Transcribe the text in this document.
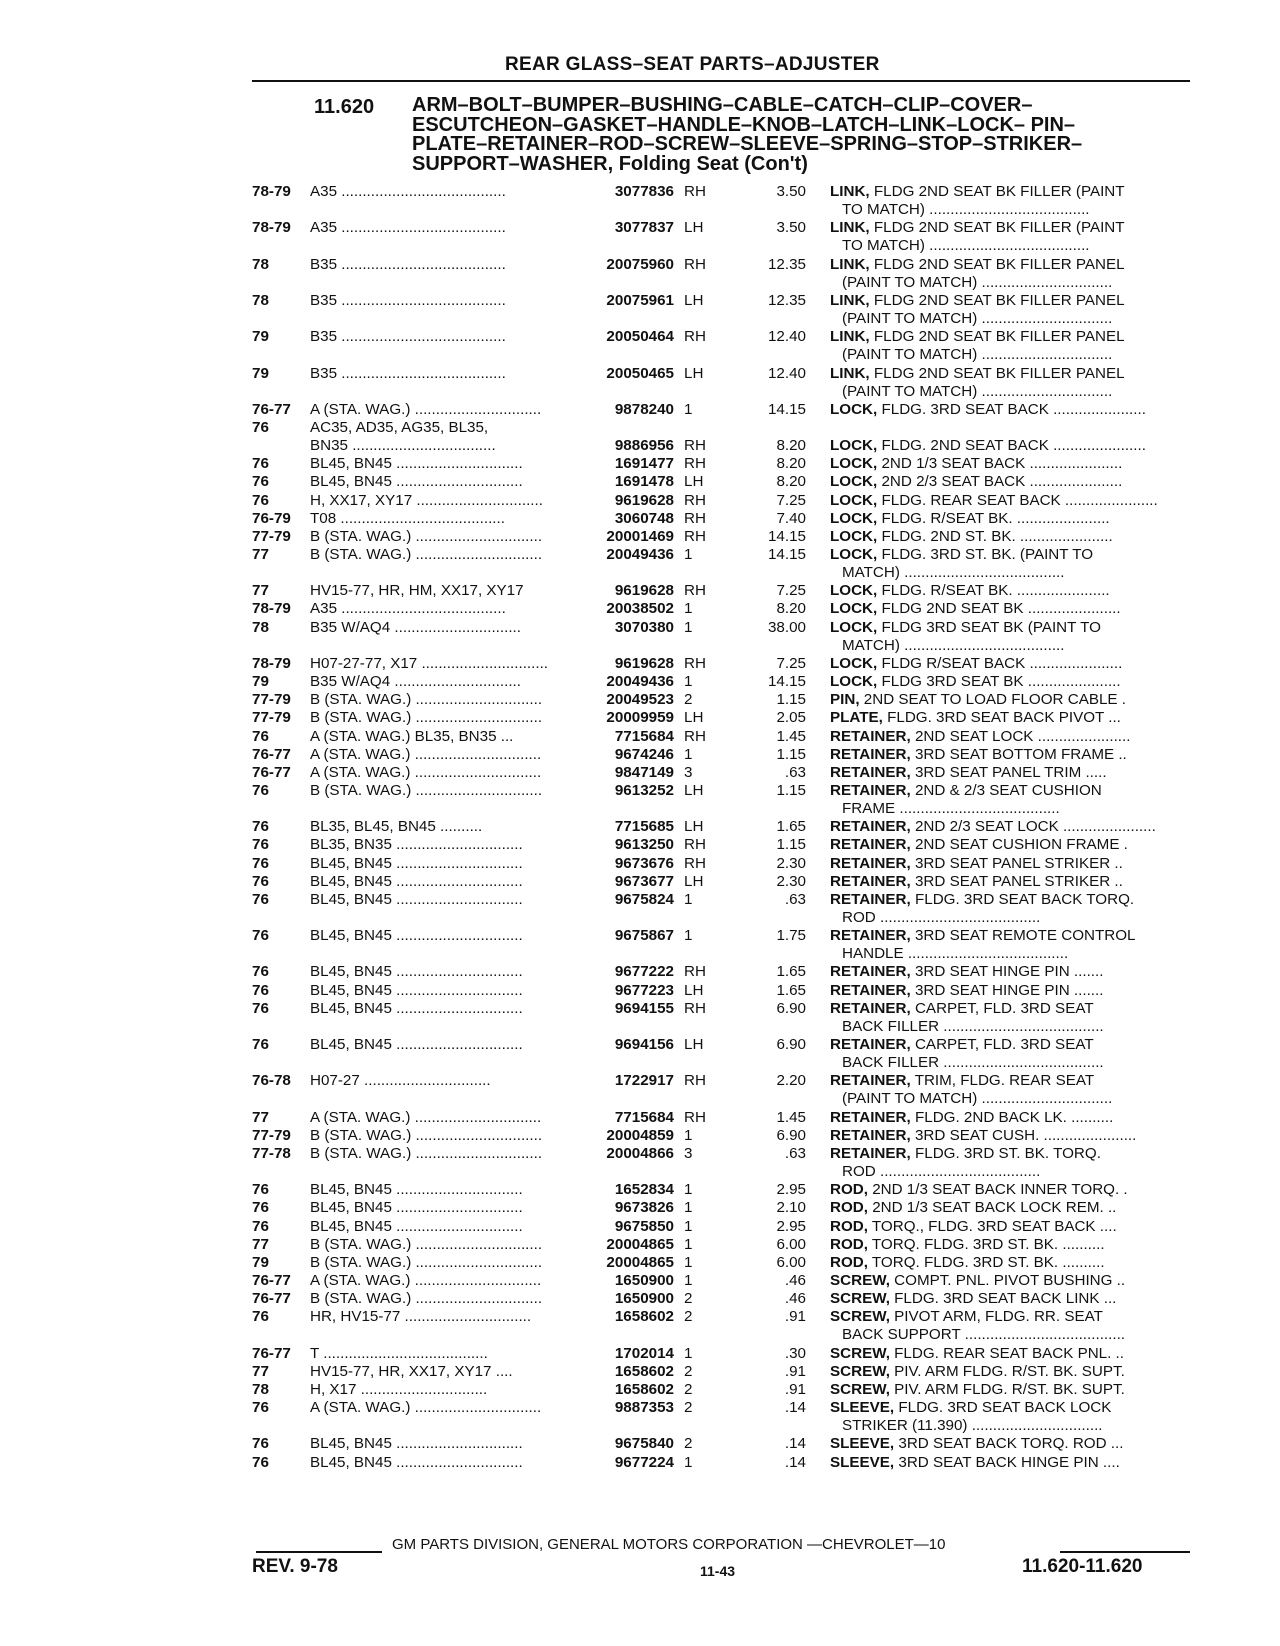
REAR GLASS–SEAT PARTS–ADJUSTER
11.620 ARM–BOLT–BUMPER–BUSHING–CABLE–CATCH–CLIP–COVER–
ESCUTCHEON–GASKET–HANDLE–KNOB–LATCH–LINK–LOCK– PIN–
PLATE–RETAINER–ROD–SCREW–SLEEVE–SPRING–STOP–STRIKER–
SUPPORT–WASHER, Folding Seat (Con't)
78-79 A35 .......................................	3077836 RH	3.50 LINK, FLDG 2ND SEAT BK FILLER (PAINT
TO MATCH) ......................................
78-79 A35 .......................................	3077837 LH	3.50 LINK, FLDG 2ND SEAT BK FILLER (PAINT
TO MATCH) ......................................
78	B35 .......................................	20075960 RH	12.35 LINK, FLDG 2ND SEAT BK FILLER PANEL
(PAINT TO MATCH) ...............................
78	B35 .......................................	20075961 LH	12.35 LINK, FLDG 2ND SEAT BK FILLER PANEL
(PAINT TO MATCH) ...............................
79	B35 .......................................	20050464 RH	12.40 LINK, FLDG 2ND SEAT BK FILLER PANEL
(PAINT TO MATCH) ...............................
79	B35 .......................................	20050465 LH	12.40 LINK, FLDG 2ND SEAT BK FILLER PANEL
(PAINT TO MATCH) ...............................
76-77 A (STA. WAG.) ..............................	9878240 1	14.15 LOCK, FLDG. 3RD SEAT BACK ......................
76	AC35, AD35, AG35, BL35,
BN35 ..................................	9886956 RH	8.20 LOCK, FLDG. 2ND SEAT BACK ......................
76	BL45, BN45 ..............................	1691477 RH	8.20 LOCK, 2ND 1/3 SEAT BACK ......................
76	BL45, BN45 ..............................	1691478 LH	8.20 LOCK, 2ND 2/3 SEAT BACK ......................
76	H, XX17, XY17 ..............................	9619628 RH	7.25 LOCK, FLDG. REAR SEAT BACK ......................
76-79 T08 .......................................	3060748 RH	7.40 LOCK, FLDG. R/SEAT BK. ......................
77-79 B (STA. WAG.) ..............................	20001469 RH	14.15 LOCK, FLDG. 2ND ST. BK. ......................
77	B (STA. WAG.) ..............................	20049436 1	14.15 LOCK, FLDG. 3RD ST. BK. (PAINT TO
MATCH) ......................................
77	HV15-77, HR, HM, XX17, XY17	9619628 RH	7.25 LOCK, FLDG. R/SEAT BK. ......................
78-79 A35 .......................................	20038502 1	8.20 LOCK, FLDG 2ND SEAT BK ......................
78	B35 W/AQ4 ..............................	3070380 1	38.00 LOCK, FLDG 3RD SEAT BK (PAINT TO
MATCH) ......................................
78-79 H07-27-77, X17 ..............................	9619628 RH	7.25 LOCK, FLDG R/SEAT BACK ......................
79	B35 W/AQ4 ..............................	20049436 1	14.15 LOCK, FLDG 3RD SEAT BK ......................
77-79 B (STA. WAG.) ..............................	20049523 2	1.15 PIN, 2ND SEAT TO LOAD FLOOR CABLE .
77-79 B (STA. WAG.) ..............................	20009959 LH	2.05 PLATE, FLDG. 3RD SEAT BACK PIVOT ...
76	A (STA. WAG.) BL35, BN35 ...	7715684 RH	1.45 RETAINER, 2ND SEAT LOCK ......................
76-77 A (STA. WAG.) ..............................	9674246 1	1.15 RETAINER, 3RD SEAT BOTTOM FRAME ..
76-77 A (STA. WAG.) ..............................	9847149 3	.63 RETAINER, 3RD SEAT PANEL TRIM .....
76	B (STA. WAG.) ..............................	9613252 LH	1.15 RETAINER, 2ND & 2/3 SEAT CUSHION
FRAME ......................................
76	BL35, BL45, BN45 ..........	7715685 LH	1.65 RETAINER, 2ND 2/3 SEAT LOCK ......................
76	BL35, BN35 ..............................	9613250 RH	1.15 RETAINER, 2ND SEAT CUSHION FRAME .
76	BL45, BN45 ..............................	9673676 RH	2.30 RETAINER, 3RD SEAT PANEL STRIKER ..
76	BL45, BN45 ..............................	9673677 LH	2.30 RETAINER, 3RD SEAT PANEL STRIKER ..
76	BL45, BN45 ..............................	9675824 1	.63 RETAINER, FLDG. 3RD SEAT BACK TORQ.
ROD ......................................
76	BL45, BN45 ..............................	9675867 1	1.75 RETAINER, 3RD SEAT REMOTE CONTROL
HANDLE ......................................
76	BL45, BN45 ..............................	9677222 RH	1.65 RETAINER, 3RD SEAT HINGE PIN .......
76	BL45, BN45 ..............................	9677223 LH	1.65 RETAINER, 3RD SEAT HINGE PIN .......
76	BL45, BN45 ..............................	9694155 RH	6.90 RETAINER, CARPET, FLD. 3RD SEAT
BACK FILLER ......................................
76	BL45, BN45 ..............................	9694156 LH	6.90 RETAINER, CARPET, FLD. 3RD SEAT
BACK FILLER ......................................
76-78 H07-27 ..............................	1722917 RH	2.20 RETAINER, TRIM, FLDG. REAR SEAT
(PAINT TO MATCH) ...............................
77	A (STA. WAG.) ..............................	7715684 RH	1.45 RETAINER, FLDG. 2ND BACK LK. ..........
77-79 B (STA. WAG.) ..............................	20004859 1	6.90 RETAINER, 3RD SEAT CUSH. ......................
77-78 B (STA. WAG.) ..............................	20004866 3	.63 RETAINER, FLDG. 3RD ST. BK. TORQ.
ROD ......................................
76	BL45, BN45 ..............................	1652834 1	2.95 ROD, 2ND 1/3 SEAT BACK INNER TORQ. .
76	BL45, BN45 ..............................	9673826 1	2.10 ROD, 2ND 1/3 SEAT BACK LOCK REM. ..
76	BL45, BN45 ..............................	9675850 1	2.95 ROD, TORQ., FLDG. 3RD SEAT BACK ....
77	B (STA. WAG.) ..............................	20004865 1	6.00 ROD, TORQ. FLDG. 3RD ST. BK. ..........
79	B (STA. WAG.) ..............................	20004865 1	6.00 ROD, TORQ. FLDG. 3RD ST. BK. ..........
76-77 A (STA. WAG.) ..............................	1650900 1	.46 SCREW, COMPT. PNL. PIVOT BUSHING ..
76-77 B (STA. WAG.) ..............................	1650900 2	.46 SCREW, FLDG. 3RD SEAT BACK LINK ...
76	HR, HV15-77 ..............................	1658602 2	.91 SCREW, PIVOT ARM, FLDG. RR. SEAT
BACK SUPPORT ......................................
76-77 T .......................................	1702014 1	.30 SCREW, FLDG. REAR SEAT BACK PNL. ..
77	HV15-77, HR, XX17, XY17 ....	1658602 2	.91 SCREW, PIV. ARM FLDG. R/ST. BK. SUPT.
78	H, X17 ..............................	1658602 2	.91 SCREW, PIV. ARM FLDG. R/ST. BK. SUPT.
76	A (STA. WAG.) ..............................	9887353 2	.14 SLEEVE, FLDG. 3RD SEAT BACK LOCK
STRIKER (11.390) ...............................
76	BL45, BN45 ..............................	9675840 2	.14 SLEEVE, 3RD SEAT BACK TORQ. ROD ...
76	BL45, BN45 ..............................	9677224 1	.14 SLEEVE, 3RD SEAT BACK HINGE PIN ....
GM PARTS DIVISION, GENERAL MOTORS CORPORATION —CHEVROLET—10
REV. 9-78	11-43	11.620-11.620
